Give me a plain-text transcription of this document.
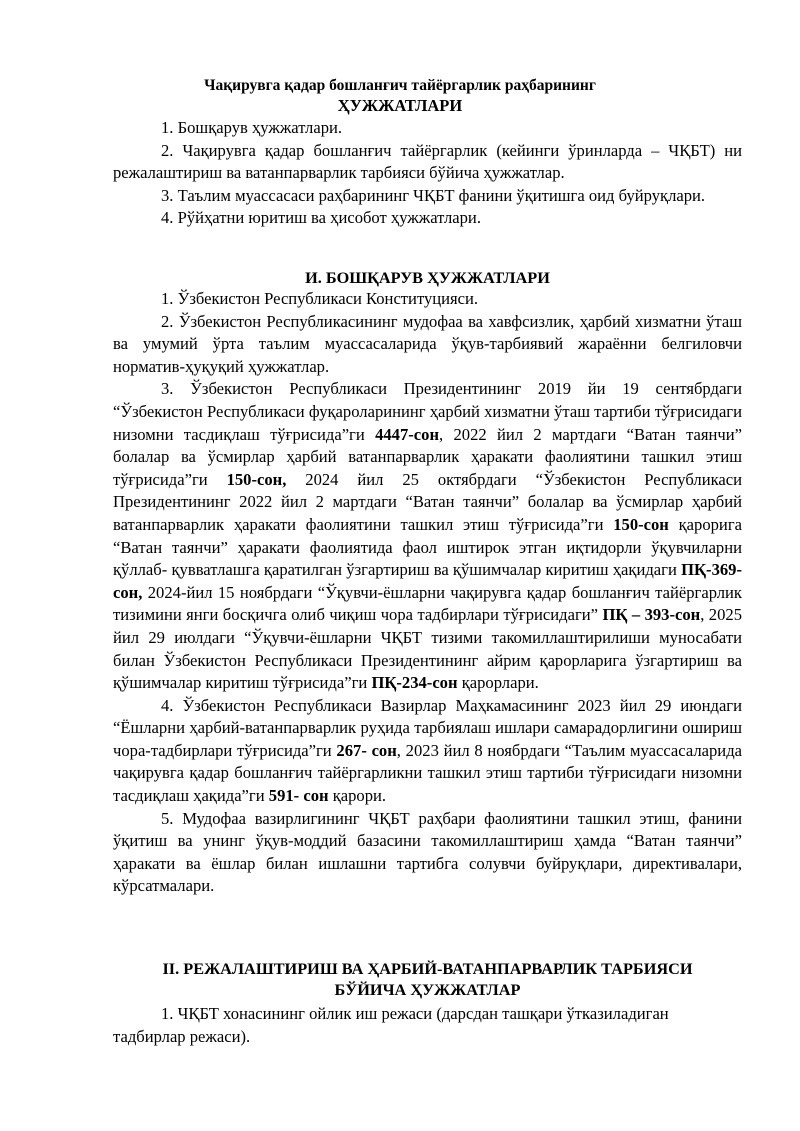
Чақирувга қадар бошланғич тайёргарлик раҳбарининг
ҲУЖЖАТЛАРИ

1. Бошқарув ҳужжатлари.

2. Чақирувга қадар бошланғич тайёргарлик (кейинги ўринларда – ЧҚБТ) ни режалаштириш ва ватанпарварлик тарбияси бўйича ҳужжатлар.

3. Таълим муассасаси раҳбарининг ЧҚБТ фанини ўқитишга оид буйруқлари.

4. Рўйҳатни юритиш ва ҳисобот ҳужжатлари.

И. БОШҚАРУВ ҲУЖЖАТЛАРИ

1. Ўзбекистон Республикаси Конституцияси.

2. Ўзбекистон Республикасининг мудофаа ва хавфсизлик, ҳарбий хизматни ўташ ва умумий ўрта таълим муассасаларида ўқув-тарбиявий жараённи белгиловчи норматив-ҳуқуқий ҳужжатлар.

3. Ўзбекистон Республикаси Президентининг 2019 йи 19 сентябрдаги “Ўзбекистон Республикаси фуқароларининг ҳарбий хизматни ўташ тартиби тўғрисидаги низомни тасдиқлаш тўғрисида”ги 4447-сон, 2022 йил 2 мартдаги “Ватан таянчи” болалар ва ўсмирлар ҳарбий ватанпарварлик ҳаракати фаолиятини ташкил этиш тўғрисида”ги 150-сон, 2024 йил 25 октябрдаги “Ўзбекистон Республикаси Президентининг 2022 йил 2 мартдаги “Ватан таянчи” болалар ва ўсмирлар ҳарбий ватанпарварлик ҳаракати фаолиятини ташкил этиш тўғрисида”ги 150-сон қарорига “Ватан таянчи” ҳаракати фаолиятида фаол иштирок этган иқтидорли ўқувчиларни қўллаб- қувватлашга қаратилган ўзгартириш ва қўшимчалар киритиш ҳақидаги ПҚ-369-сон, 2024-йил 15 ноябрдаги “Ўқувчи-ёшларни чақирувга қадар бошланғич тайёргарлик тизимини янги босқичга олиб чиқиш чора тадбирлари тўғрисидаги” ПҚ – 393-сон, 2025 йил 29 июлдаги “Ўқувчи-ёшларни ЧҚБТ тизими такомиллаштирилиши муносабати билан Ўзбекистон Республикаси Президентининг айрим қарорларига ўзгартириш ва қўшимчалар киритиш тўғрисида”ги ПҚ-234-сон қарорлари.

4. Ўзбекистон Республикаси Вазирлар Маҳкамасининг 2023 йил 29 июндаги “Ёшларни ҳарбий-ватанпарварлик руҳида тарбиялаш ишлари самарадорлигини ошириш чора-тадбирлари тўғрисида”ги 267- сон, 2023 йил 8 ноябрдаги “Таълим муассасаларида чақирувга қадар бошланғич тайёргарликни ташкил этиш тартиби тўғрисидаги низомни тасдиқлаш ҳақида”ги 591- сон қарори.

5. Мудофаа вазирлигининг ЧҚБТ раҳбари фаолиятини ташкил этиш, фанини ўқитиш ва унинг ўқув-моддий базасини такомиллаштириш ҳамда “Ватан таянчи” ҳаракати ва ёшлар билан ишлашни тартибга солувчи буйруқлари, директивалари, кўрсатмалари.

II. РЕЖАЛАШТИРИШ ВА ҲАРБИЙ-ВАТАНПАРВАРЛИК ТАРБИЯСИ
БЎЙИЧА ҲУЖЖАТЛАР

1. ЧҚБТ хонасининг ойлик иш режаси (дарсдан ташқари ўтказиладиган тадбирлар режаси).
